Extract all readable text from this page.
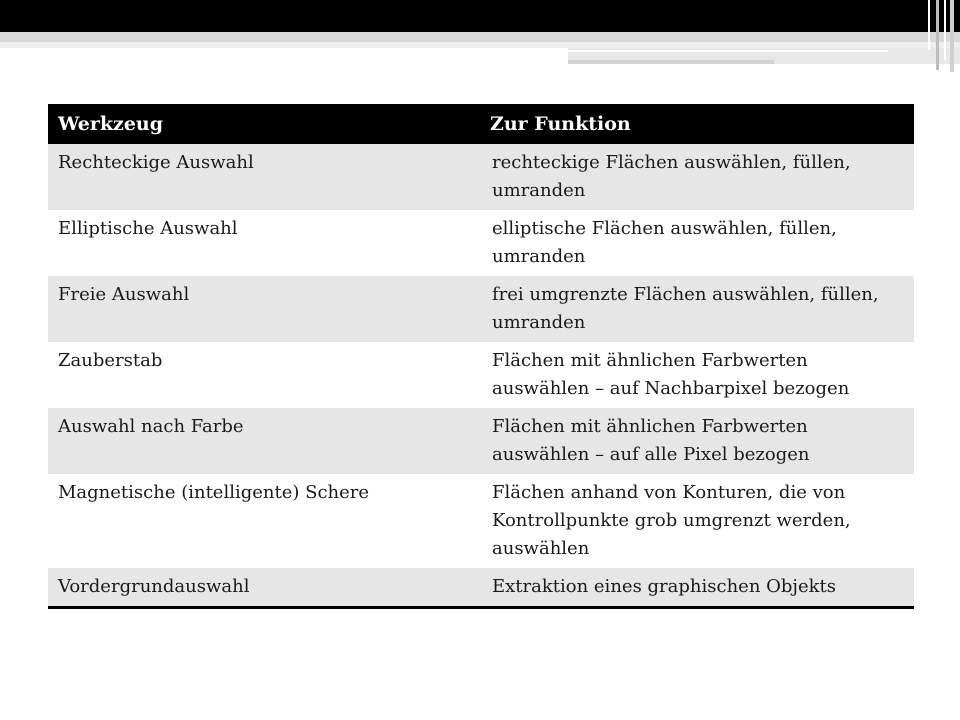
Werkzeug	Zur Funktion
Rechteckige Auswahl	rechteckige Flächen auswählen, füllen, umranden
Elliptische Auswahl	elliptische Flächen auswählen, füllen, umranden
Freie Auswahl	frei umgrenzte Flächen auswählen, füllen, umranden
Zauberstab	Flächen mit ähnlichen Farbwerten auswählen – auf Nachbarpixel bezogen
Auswahl nach Farbe	Flächen mit ähnlichen Farbwerten auswählen – auf alle Pixel bezogen
Magnetische (intelligente) Schere	Flächen anhand von Konturen, die von Kontrollpunkte grob umgrenzt werden, auswählen
Vordergrundauswahl	Extraktion eines graphischen Objekts
